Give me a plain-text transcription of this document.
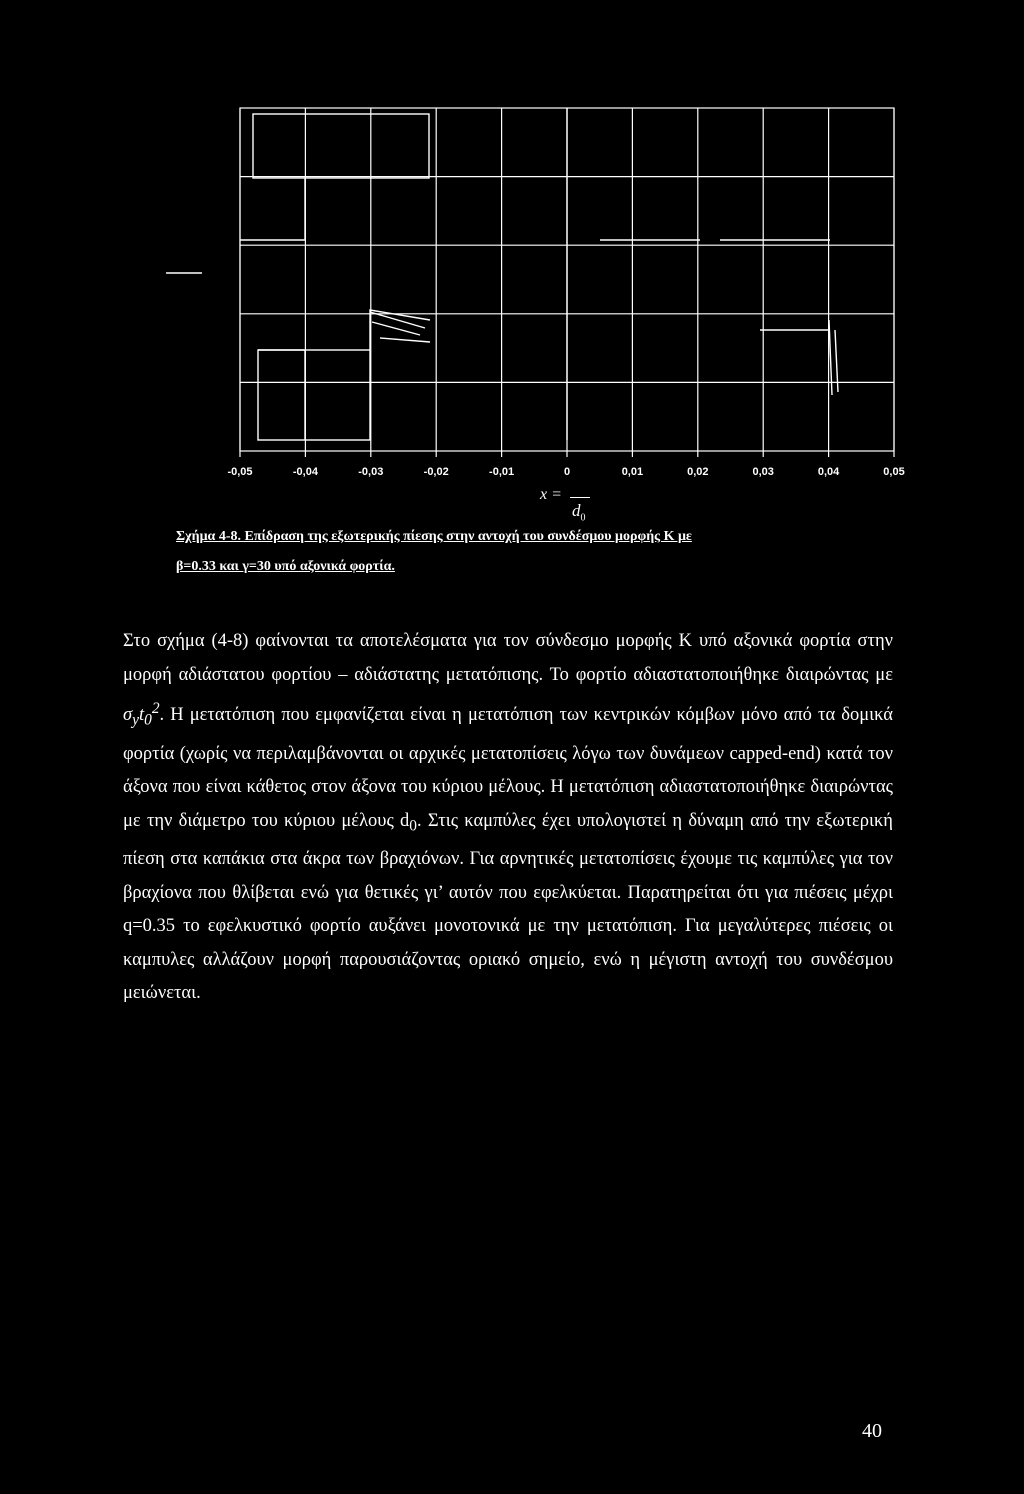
-0,05	-0,04	-0,03	-0,02	-0,01	0	0,01	0,02	0,03	0,04	0,05
x =
$d_0$
Σχήμα 4-8. Επίδραση της εξωτερικής πίεσης στην αντοχή του συνδέσμου μορφής Κ με
β=0.33 και γ=30 υπό αξονικά φορτία.

Στο σχήμα (4-8) φαίνονται τα αποτελέσματα για τον σύνδεσμο μορφής Κ υπό αξονικά φορτία στην μορφή αδιάστατου φορτίου – αδιάστατης μετατόπισης. Το φορτίο αδιαστατοποιήθηκε διαιρώντας με $\sigma_yt_0^2$. Η μετατόπιση που εμφανίζεται είναι η μετατόπιση των κεντρικών κόμβων μόνο από τα δομικά φορτία (χωρίς να περιλαμβάνονται οι αρχικές μετατοπίσεις λόγω των δυνάμεων capped-end) κατά τον άξονα που είναι κάθετος στον άξονα του κύριου μέλους. Η μετατόπιση αδιαστατοποιήθηκε διαιρώντας με την διάμετρο του κύριου μέλους $d_0$. Στις καμπύλες έχει υπολογιστεί η δύναμη από την εξωτερική πίεση στα καπάκια στα άκρα των βραχιόνων. Για αρνητικές μετατοπίσεις έχουμε τις καμπύλες για τον βραχίονα που θλίβεται ενώ για θετικές γι’ αυτόν που εφελκύεται. Παρατηρείται ότι για πιέσεις μέχρι q=0.35 το εφελκυστικό φορτίο αυξάνει μονοτονικά με την μετατόπιση. Για μεγαλύτερες πιέσεις οι καμπυλες αλλάζουν μορφή παρουσιάζοντας οριακό σημείο, ενώ η μέγιστη αντοχή του συνδέσμου μειώνεται.

40
